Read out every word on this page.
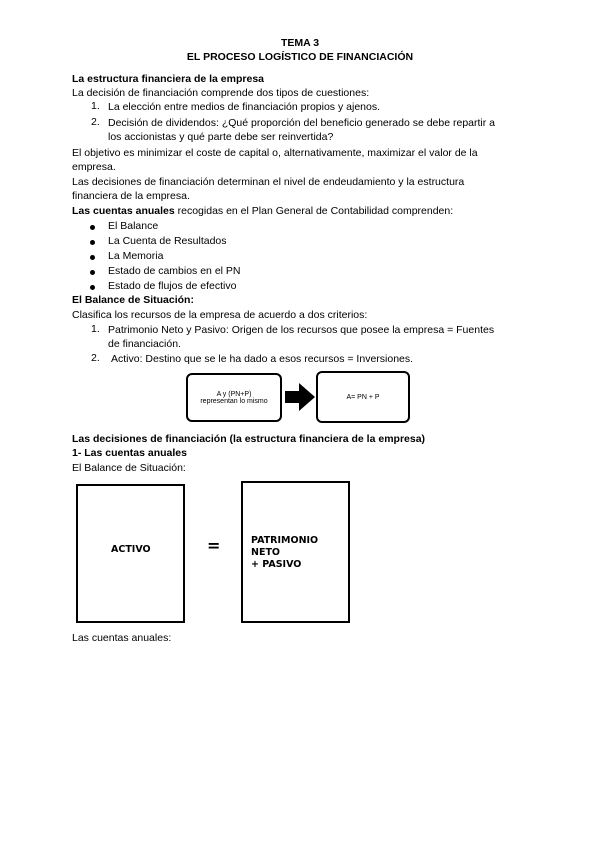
TEMA 3
EL PROCESO LOGÍSTICO DE FINANCIACIÓN
La estructura financiera de la empresa
La decisión de financiación comprende dos tipos de cuestiones:
1. La elección entre medios de financiación propios y ajenos.
2. Decisión de dividendos: ¿Qué proporción del beneficio generado se debe repartir a
los accionistas y qué parte debe ser reinvertida?
El objetivo es minimizar el coste de capital o, alternativamente, maximizar el valor de la
empresa.
Las decisiones de financiación determinan el nivel de endeudamiento y la estructura
financiera de la empresa.
Las cuentas anuales recogidas en el Plan General de Contabilidad comprenden:
El Balance
La Cuenta de Resultados
La Memoria
Estado de cambios en el PN
Estado de flujos de efectivo
El Balance de Situación:
Clasifica los recursos de la empresa de acuerdo a dos criterios:
1. Patrimonio Neto y Pasivo: Origen de los recursos que posee la empresa = Fuentes
de financiación.
2. Activo: Destino que se le ha dado a esos recursos = Inversiones.
A y (PN+P)
representan lo mismo
A= PN + P
Las decisiones de financiación (la estructura financiera de la empresa)
1- Las cuentas anuales
El Balance de Situación:
ACTIVO	=	PATRIMONIO NETO
+ PASIVO
Las cuentas anuales:
